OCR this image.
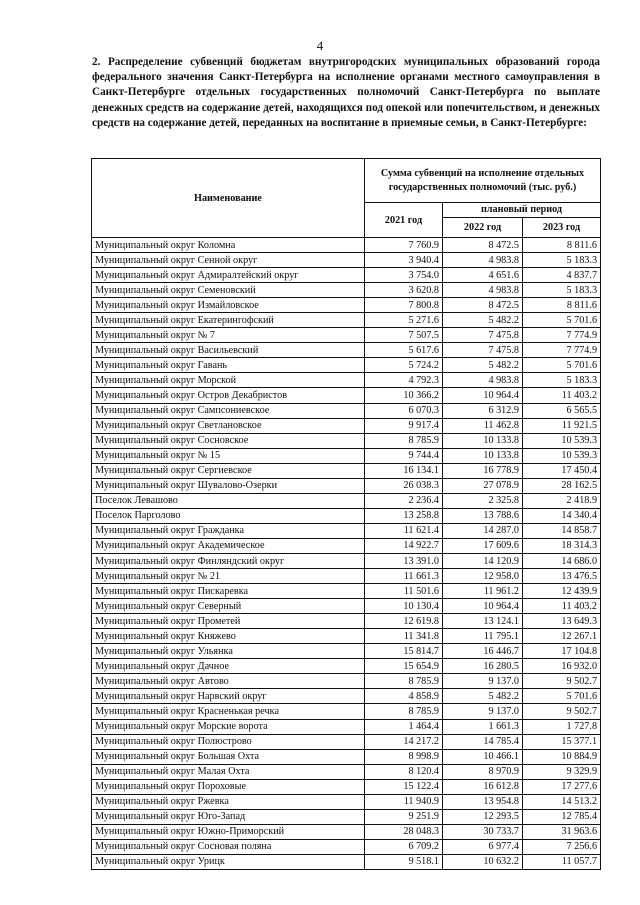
4
2. Распределение субвенций бюджетам внутригородских муниципальных образований города федерального значения Санкт-Петербурга на исполнение органами местного самоуправления в Санкт-Петербурге отдельных государственных полномочий Санкт-Петербурга по выплате денежных средств на содержание детей, находящихся под опекой или попечительством, и денежных средств на содержание детей, переданных на воспитание в приемные семьи, в Санкт-Петербурге:
Наименование	Сумма субвенций на исполнение отдельных государственных полномочий (тыс. руб.)		
	2021 год	плановый период	
		2022 год	2023 год
Муниципальный округ Коломна	7 760.9	8 472.5	8 811.6
Муниципальный округ Сенной округ	3 940.4	4 983.8	5 183.3
Муниципальный округ Адмиралтейский округ	3 754.0	4 651.6	4 837.7
Муниципальный округ Семеновский	3 620.8	4 983.8	5 183.3
Муниципальный округ Измайловское	7 800.8	8 472.5	8 811.6
Муниципальный округ Екатерингофский	5 271.6	5 482.2	5 701.6
Муниципальный округ № 7	7 507.5	7 475.8	7 774.9
Муниципальный округ Васильевский	5 617.6	7 475.8	7 774.9
Муниципальный округ Гавань	5 724.2	5 482.2	5 701.6
Муниципальный округ Морской	4 792.3	4 983.8	5 183.3
Муниципальный округ Остров Декабристов	10 366.2	10 964.4	11 403.2
Муниципальный округ Сампсониевское	6 070.3	6 312.9	6 565.5
Муниципальный округ Светлановское	9 917.4	11 462.8	11 921.5
Муниципальный округ Сосновское	8 785.9	10 133.8	10 539.3
Муниципальный округ № 15	9 744.4	10 133.8	10 539.3
Муниципальный округ Сергиевское	16 134.1	16 778.9	17 450.4
Муниципальный округ Шувалово-Озерки	26 038.3	27 078.9	28 162.5
Поселок Левашово	2 236.4	2 325.8	2 418.9
Поселок Парголово	13 258.8	13 788.6	14 340.4
Муниципальный округ Гражданка	11 621.4	14 287.0	14 858.7
Муниципальный округ Академическое	14 922.7	17 609.6	18 314.3
Муниципальный округ Финляндский округ	13 391.0	14 120.9	14 686.0
Муниципальный округ № 21	11 661.3	12 958.0	13 476.5
Муниципальный округ Пискаревка	11 501.6	11 961.2	12 439.9
Муниципальный округ Северный	10 130.4	10 964.4	11 403.2
Муниципальный округ Прометей	12 619.8	13 124.1	13 649.3
Муниципальный округ Княжево	11 341.8	11 795.1	12 267.1
Муниципальный округ Ульянка	15 814.7	16 446.7	17 104.8
Муниципальный округ Дачное	15 654.9	16 280.5	16 932.0
Муниципальный округ Автово	8 785.9	9 137.0	9 502.7
Муниципальный округ Нарвский округ	4 858.9	5 482.2	5 701.6
Муниципальный округ Красненькая речка	8 785.9	9 137.0	9 502.7
Муниципальный округ Морские ворота	1 464.4	1 661.3	1 727.8
Муниципальный округ Полюстрово	14 217.2	14 785.4	15 377.1
Муниципальный округ Большая Охта	8 998.9	10 466.1	10 884.9
Муниципальный округ Малая Охта	8 120.4	8 970.9	9 329.9
Муниципальный округ Пороховые	15 122.4	16 612.8	17 277.6
Муниципальный округ Ржевка	11 940.9	13 954.8	14 513.2
Муниципальный округ Юго-Запад	9 251.9	12 293.5	12 785.4
Муниципальный округ Южно-Приморский	28 048.3	30 733.7	31 963.6
Муниципальный округ Сосновая поляна	6 709.2	6 977.4	7 256.6
Муниципальный округ Урицк	9 518.1	10 632.2	11 057.7
